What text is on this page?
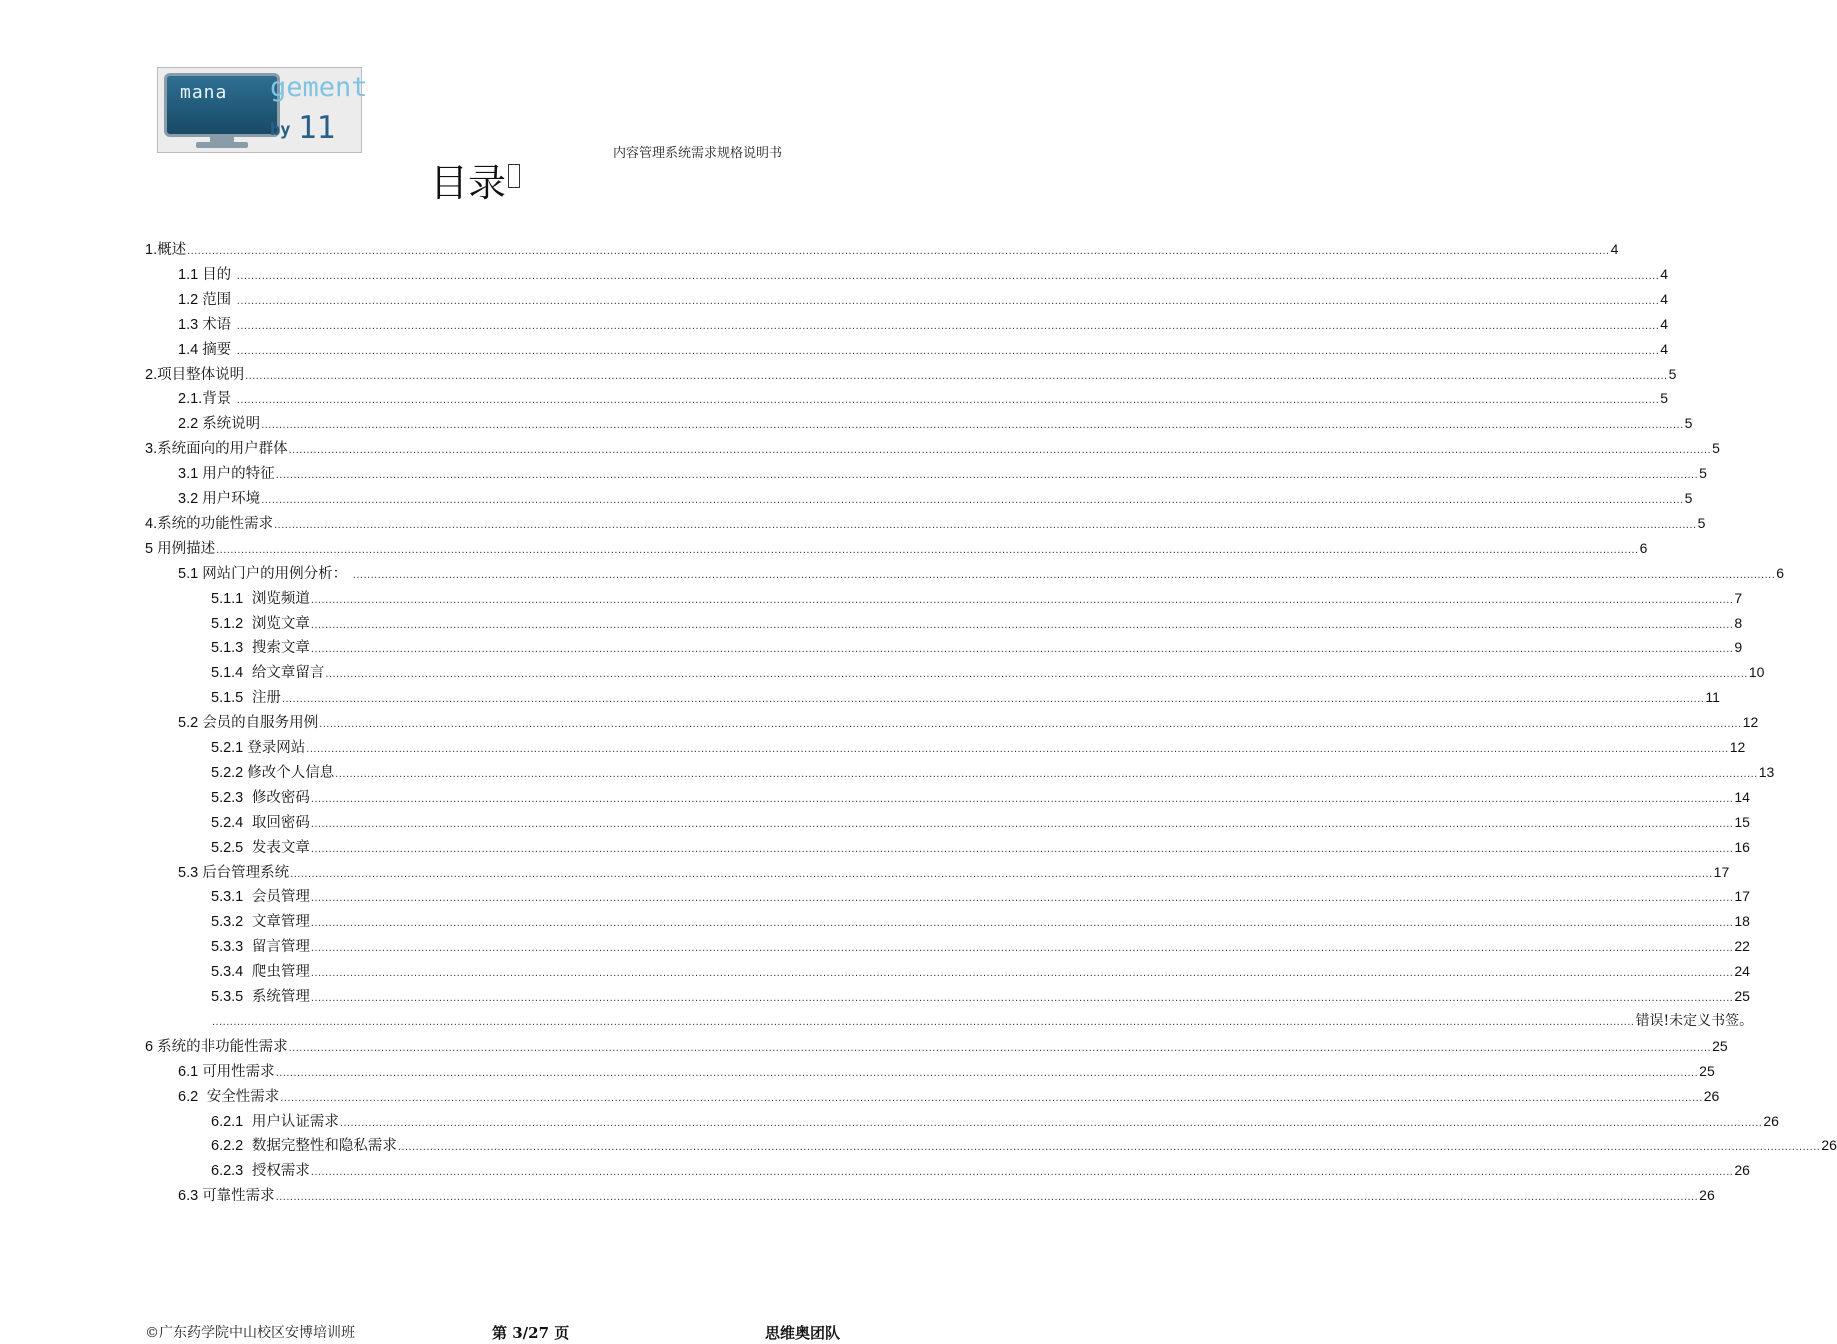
mana gement
by 11
内容管理系统需求规格说明书
目录
1.概述 ................................................................................................................................................................................................................................................................................................................................................................................................................ 4
1.1 目的 ................................................................................................................................................................................................................................................................................................................................................................................................................ 4
1.2 范围 ................................................................................................................................................................................................................................................................................................................................................................................................................ 4
1.3 术语 ................................................................................................................................................................................................................................................................................................................................................................................................................ 4
1.4 摘要 ................................................................................................................................................................................................................................................................................................................................................................................................................ 4
2.项目整体说明 ................................................................................................................................................................................................................................................................................................................................................................................................................ 5
2.1.背景 ................................................................................................................................................................................................................................................................................................................................................................................................................ 5
2.2 系统说明 ................................................................................................................................................................................................................................................................................................................................................................................................................ 5
3.系统面向的用户群体 ................................................................................................................................................................................................................................................................................................................................................................................................................ 5
3.1 用户的特征 ................................................................................................................................................................................................................................................................................................................................................................................................................ 5
3.2 用户环境 ................................................................................................................................................................................................................................................................................................................................................................................................................ 5
4.系统的功能性需求 ................................................................................................................................................................................................................................................................................................................................................................................................................ 5
5 用例描述 ................................................................................................................................................................................................................................................................................................................................................................................................................ 6
5.1 网站门户的用例分析： ................................................................................................................................................................................................................................................................................................................................................................................................................ 6
5.1.1  浏览频道 ................................................................................................................................................................................................................................................................................................................................................................................................................ 7
5.1.2  浏览文章 ................................................................................................................................................................................................................................................................................................................................................................................................................ 8
5.1.3  搜索文章 ................................................................................................................................................................................................................................................................................................................................................................................................................ 9
5.1.4  给文章留言 ................................................................................................................................................................................................................................................................................................................................................................................................................ 10
5.1.5  注册 ................................................................................................................................................................................................................................................................................................................................................................................................................ 11
5.2 会员的自服务用例 ................................................................................................................................................................................................................................................................................................................................................................................................................ 12
5.2.1 登录网站 ................................................................................................................................................................................................................................................................................................................................................................................................................ 12
5.2.2 修改个人信息 ................................................................................................................................................................................................................................................................................................................................................................................................................ 13
5.2.3  修改密码 ................................................................................................................................................................................................................................................................................................................................................................................................................ 14
5.2.4  取回密码 ................................................................................................................................................................................................................................................................................................................................................................................................................ 15
5.2.5  发表文章 ................................................................................................................................................................................................................................................................................................................................................................................................................ 16
5.3 后台管理系统 ................................................................................................................................................................................................................................................................................................................................................................................................................ 17
5.3.1  会员管理 ................................................................................................................................................................................................................................................................................................................................................................................................................ 17
5.3.2  文章管理 ................................................................................................................................................................................................................................................................................................................................................................................................................ 18
5.3.3  留言管理 ................................................................................................................................................................................................................................................................................................................................................................................................................ 22
5.3.4  爬虫管理 ................................................................................................................................................................................................................................................................................................................................................................................................................ 24
5.3.5  系统管理 ................................................................................................................................................................................................................................................................................................................................................................................................................ 25
................................................................................................................................................................................................................................................................................................................................................................................................................ 错误!未定义书签。
6 系统的非功能性需求 ................................................................................................................................................................................................................................................................................................................................................................................................................ 25
6.1 可用性需求 ................................................................................................................................................................................................................................................................................................................................................................................................................ 25
6.2  安全性需求 ................................................................................................................................................................................................................................................................................................................................................................................................................ 26
6.2.1  用户认证需求 ................................................................................................................................................................................................................................................................................................................................................................................................................ 26
6.2.2  数据完整性和隐私需求 ................................................................................................................................................................................................................................................................................................................................................................................................................ 26
6.2.3  授权需求 ................................................................................................................................................................................................................................................................................................................................................................................................................ 26
6.3 可靠性需求 ................................................................................................................................................................................................................................................................................................................................................................................................................ 26
©广东药学院中山校区安博培训班	第 3/27 页	思维奥团队
